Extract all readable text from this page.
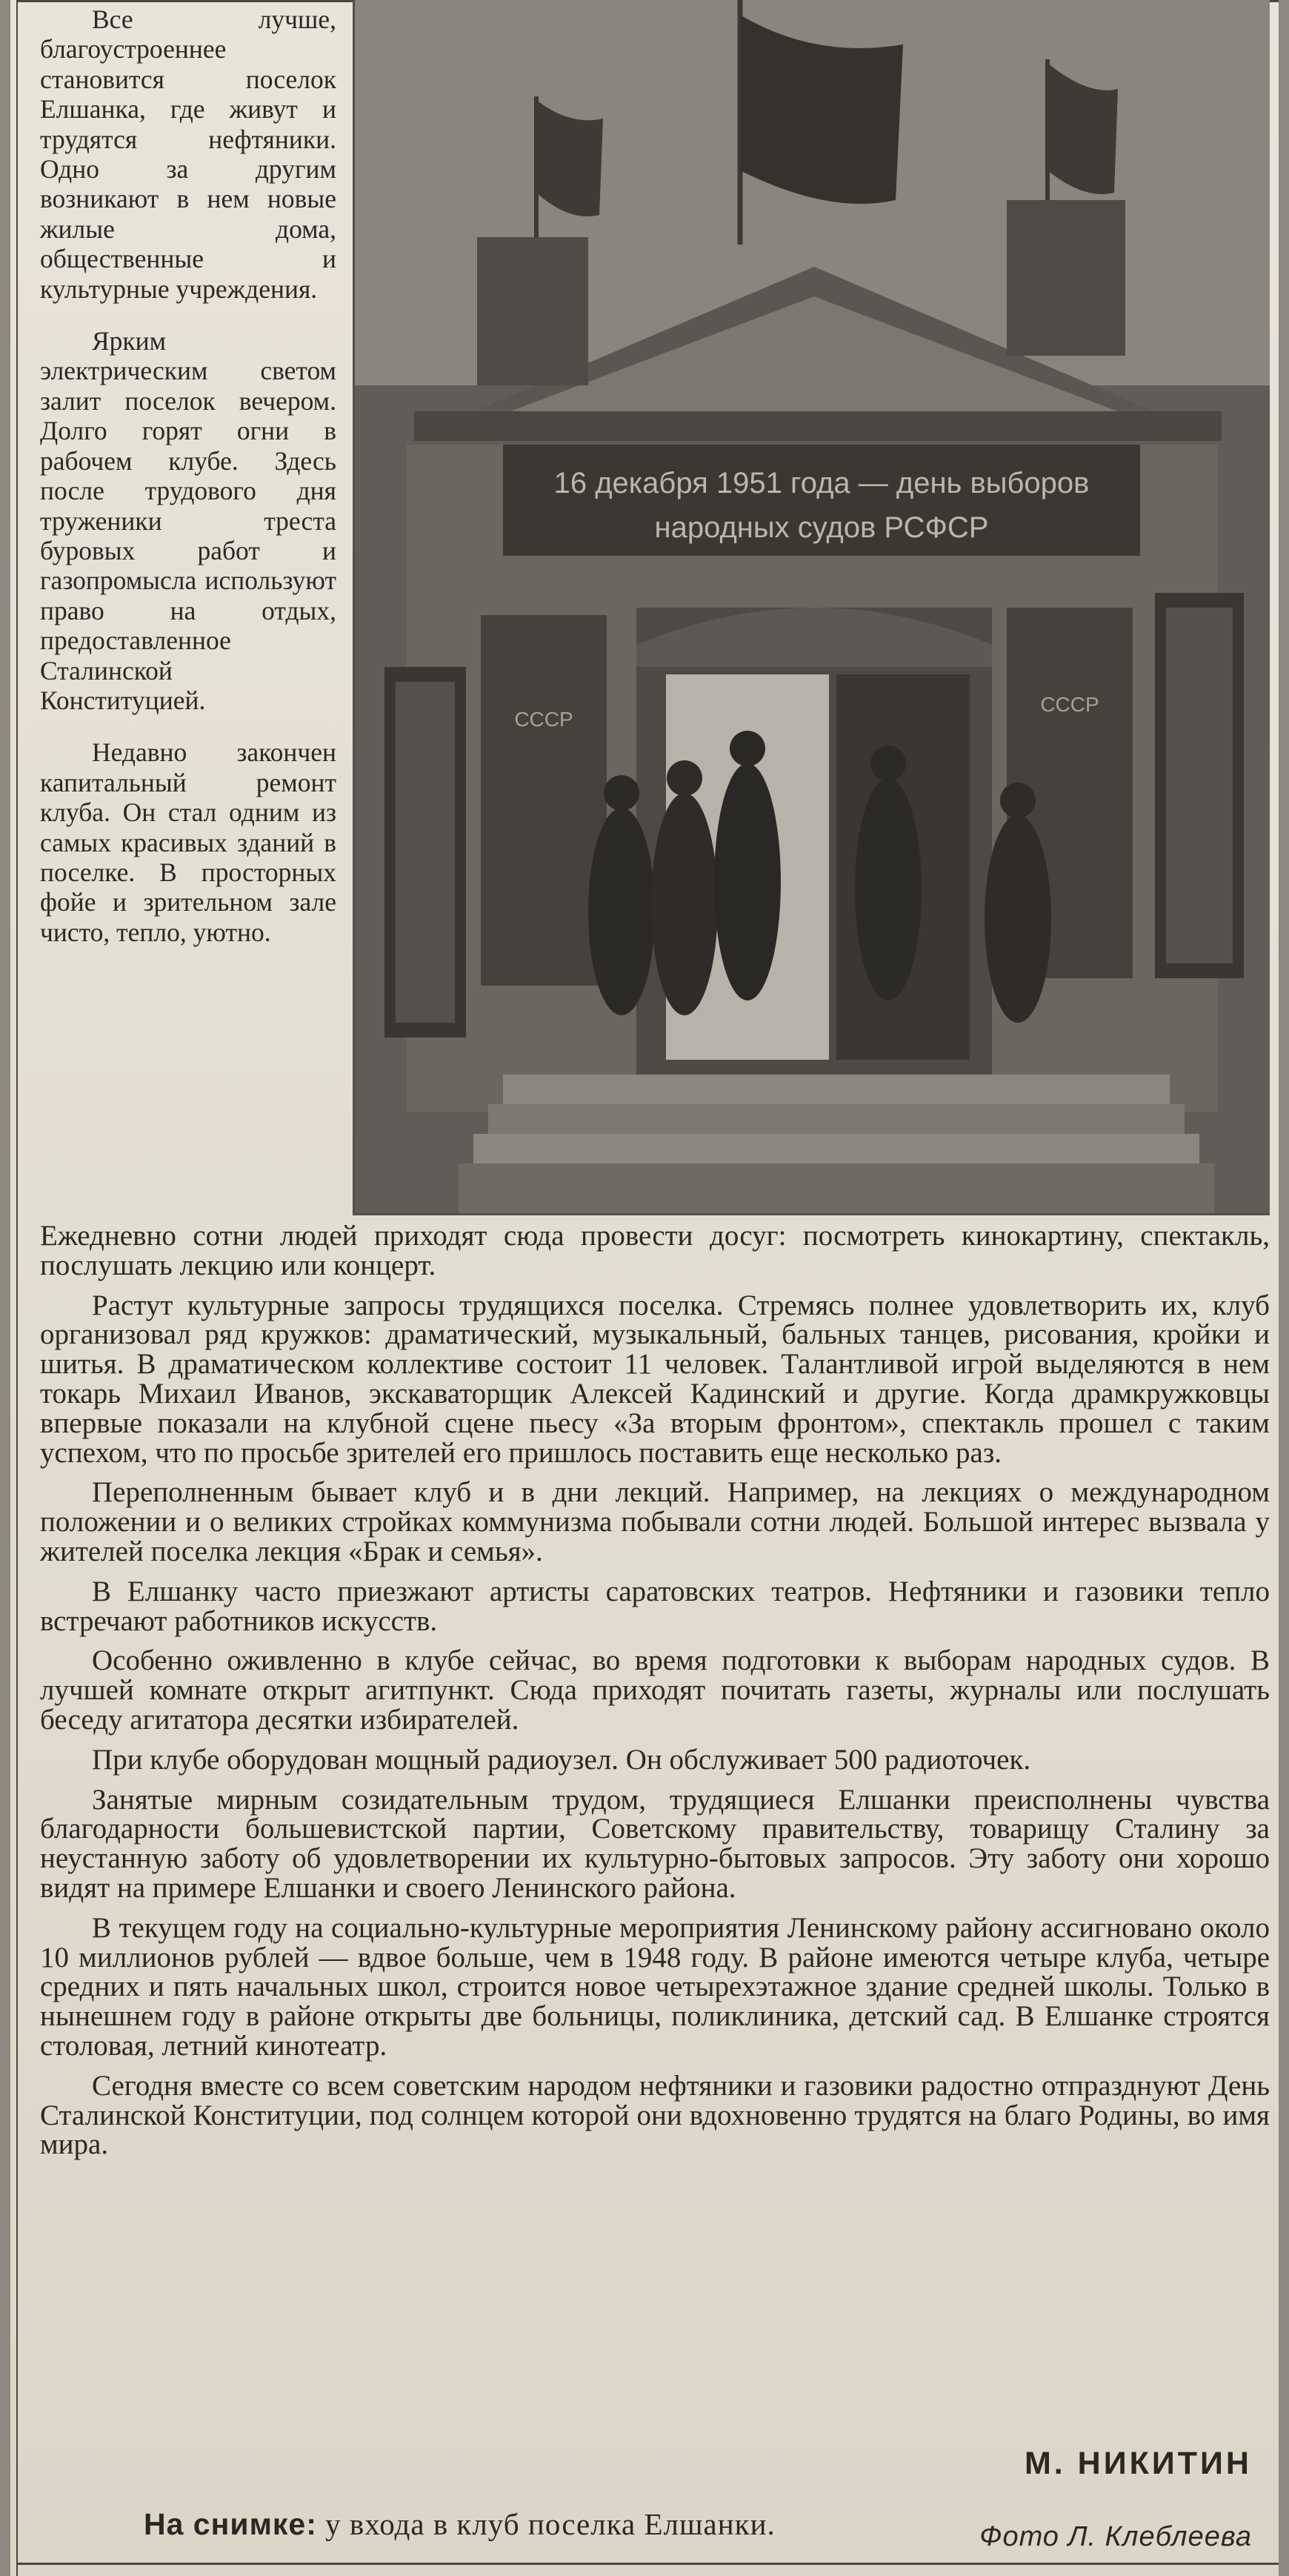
Все лучше, благоустроеннее становится поселок Елшанка, где живут и трудятся нефтяники. Одно за другим возникают в нем новые жилые дома, общественные и культурные учреждения.

Ярким электрическим светом залит поселок вечером. Долго горят огни в рабочем клубе. Здесь после трудового дня труженики треста буровых работ и газопромысла используют право на отдых, предоставленное Сталинской Конституцией.

Недавно закончен капитальный ремонт клуба. Он стал одним из самых красивых зданий в поселке. В просторных фойе и зрительном зале чисто, тепло, уютно.

16 декабря 1951 года — день выборов
народных судов РСФСР
СССР
СССР

Ежедневно сотни людей приходят сюда провести досуг: посмотреть кинокартину, спектакль, послушать лекцию или концерт.

Растут культурные запросы трудящихся поселка. Стремясь полнее удовлетворить их, клуб организовал ряд кружков: драматический, музыкальный, бальных танцев, рисования, кройки и шитья. В драматическом коллективе состоит 11 человек. Талантливой игрой выделяются в нем токарь Михаил Иванов, экскаваторщик Алексей Кадинский и другие. Когда драмкружковцы впервые показали на клубной сцене пьесу «За вторым фронтом», спектакль прошел с таким успехом, что по просьбе зрителей его пришлось поставить еще несколько раз.

Переполненным бывает клуб и в дни лекций. Например, на лекциях о международном положении и о великих стройках коммунизма побывали сотни людей. Большой интерес вызвала у жителей поселка лекция «Брак и семья».

В Елшанку часто приезжают артисты саратовских театров. Нефтяники и газовики тепло встречают работников искусств.

Особенно оживленно в клубе сейчас, во время подготовки к выборам народных судов. В лучшей комнате открыт агитпункт. Сюда приходят почитать газеты, журналы или послушать беседу агитатора десятки избирателей.

При клубе оборудован мощный радиоузел. Он обслуживает 500 радиоточек.

Занятые мирным созидательным трудом, трудящиеся Елшанки преисполнены чувства благодарности большевистской партии, Советскому правительству, товарищу Сталину за неустанную заботу об удовлетворении их культурно-бытовых запросов. Эту заботу они хорошо видят на примере Елшанки и своего Ленинского района.

В текущем году на социально-культурные мероприятия Ленинскому району ассигновано около 10 миллионов рублей — вдвое больше, чем в 1948 году. В районе имеются четыре клуба, четыре средних и пять начальных школ, строится новое четырехэтажное здание средней школы. Только в нынешнем году в районе открыты две больницы, поликлиника, детский сад. В Елшанке строятся столовая, летний кинотеатр.

Сегодня вместе со всем советским народом нефтяники и газовики радостно отпразднуют День Сталинской Конституции, под солнцем которой они вдохновенно трудятся на благо Родины, во имя мира.

М. НИКИТИН
На снимке: у входа в клуб поселка Елшанки.	Фото Л. Клеблеева
